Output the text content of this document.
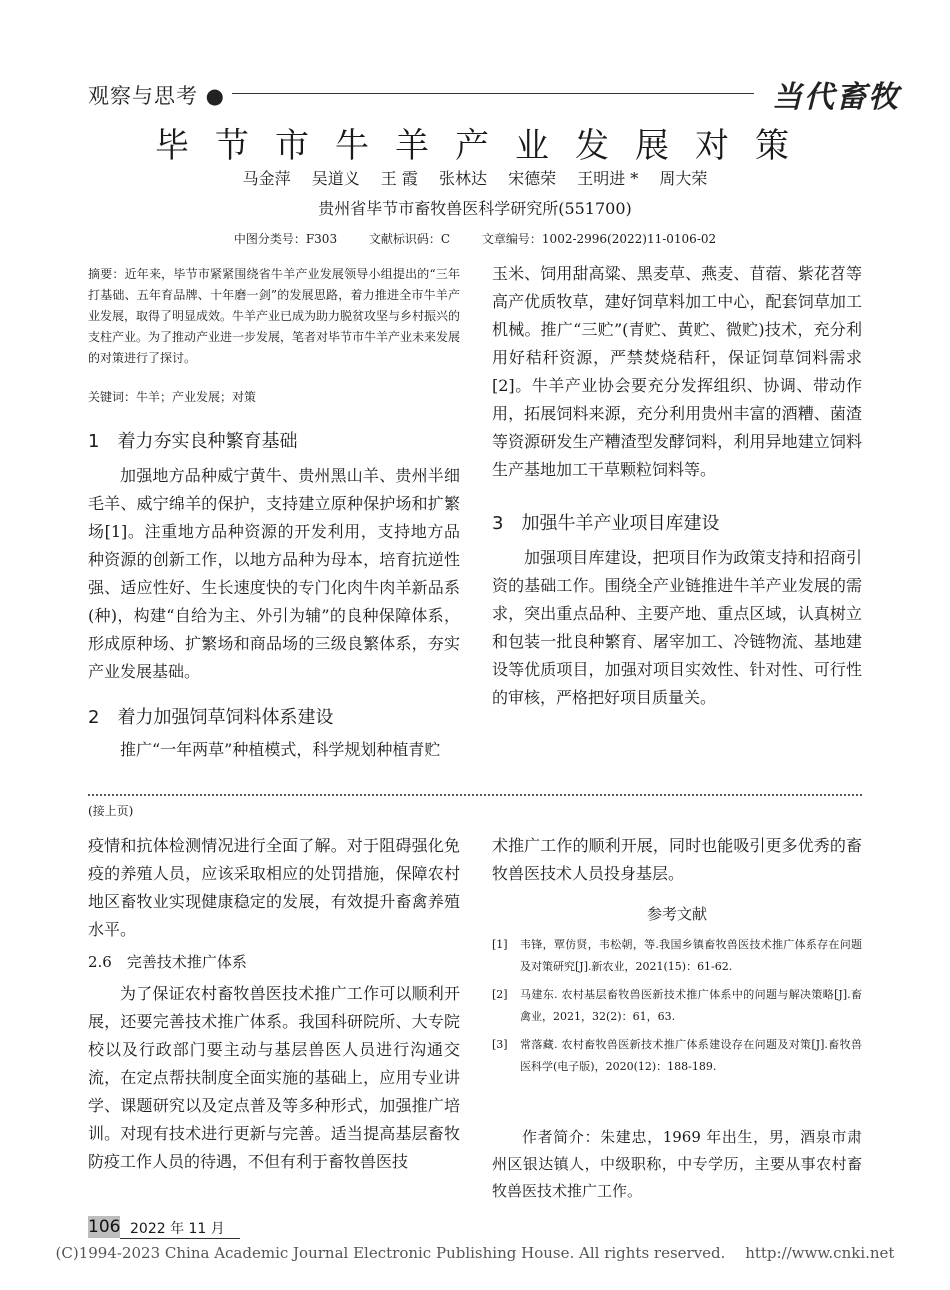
观察与思考 ●	当代畜牧
毕节市牛羊产业发展对策
马金萍 吴道义 王 霞 张林达 宋德荣 王明进 * 周大荣
贵州省毕节市畜牧兽医科学研究所(551700)
中图分类号：F303	文献标识码：C	文章编号：1002-2996(2022)11-0106-02
摘要：近年来，毕节市紧紧围绕省牛羊产业发展领导小组提出的“三年打基础、五年育品牌、十年磨一剑”的发展思路，着力推进全市牛羊产业发展，取得了明显成效。牛羊产业已成为助力脱贫攻坚与乡村振兴的支柱产业。为了推动产业进一步发展，笔者对毕节市牛羊产业未来发展的对策进行了探讨。
关键词：牛羊；产业发展；对策
1　着力夯实良种繁育基础

加强地方品种威宁黄牛、贵州黑山羊、贵州半细毛羊、威宁绵羊的保护，支持建立原种保护场和扩繁场[1]。注重地方品种资源的开发利用，支持地方品种资源的创新工作，以地方品种为母本，培育抗逆性强、适应性好、生长速度快的专门化肉牛肉羊新品系(种)，构建“自给为主、外引为辅”的良种保障体系，形成原种场、扩繁场和商品场的三级良繁体系，夯实产业发展基础。

2　着力加强饲草饲料体系建设

推广“一年两草”种植模式，科学规划种植青贮

玉米、饲用甜高粱、黑麦草、燕麦、苜蓿、紫花苕等高产优质牧草，建好饲草料加工中心，配套饲草加工机械。推广“三贮”(青贮、黄贮、微贮)技术，充分利用好秸秆资源，严禁焚烧秸秆，保证饲草饲料需求[2]。牛羊产业协会要充分发挥组织、协调、带动作用，拓展饲料来源，充分利用贵州丰富的酒糟、菌渣等资源研发生产糟渣型发酵饲料，利用异地建立饲料生产基地加工干草颗粒饲料等。

3　加强牛羊产业项目库建设

加强项目库建设，把项目作为政策支持和招商引资的基础工作。围绕全产业链推进牛羊产业发展的需求，突出重点品种、主要产地、重点区域，认真树立和包装一批良种繁育、屠宰加工、冷链物流、基地建设等优质项目，加强对项目实效性、针对性、可行性的审核，严格把好项目质量关。

(接上页)

疫情和抗体检测情况进行全面了解。对于阻碍强化免疫的养殖人员，应该采取相应的处罚措施，保障农村地区畜牧业实现健康稳定的发展，有效提升畜禽养殖水平。

2.6　完善技术推广体系

为了保证农村畜牧兽医技术推广工作可以顺利开展，还要完善技术推广体系。我国科研院所、大专院校以及行政部门要主动与基层兽医人员进行沟通交流，在定点帮扶制度全面实施的基础上，应用专业讲学、课题研究以及定点普及等多种形式，加强推广培训。对现有技术进行更新与完善。适当提高基层畜牧防疫工作人员的待遇，不但有利于畜牧兽医技

术推广工作的顺利开展，同时也能吸引更多优秀的畜牧兽医技术人员投身基层。

参考文献
[1]	韦锋，覃仿贤，韦松朝，等.我国乡镇畜牧兽医技术推广体系存在问题及对策研究[J].新农业，2021(15)：61-62.
[2]	马建东. 农村基层畜牧兽医新技术推广体系中的问题与解决策略[J].畜禽业，2021，32(2)：61，63.
[3]	常落藏. 农村畜牧兽医新技术推广体系建设存在问题及对策[J].畜牧兽医科学(电子版)，2020(12)：188-189.

作者简介：朱建忠，1969 年出生，男，酒泉市肃州区银达镇人，中级职称，中专学历，主要从事农村畜牧兽医技术推广工作。

106 2022 年 11 月
(C)1994-2023 China Academic Journal Electronic Publishing House. All rights reserved.　 http://www.cnki.net
